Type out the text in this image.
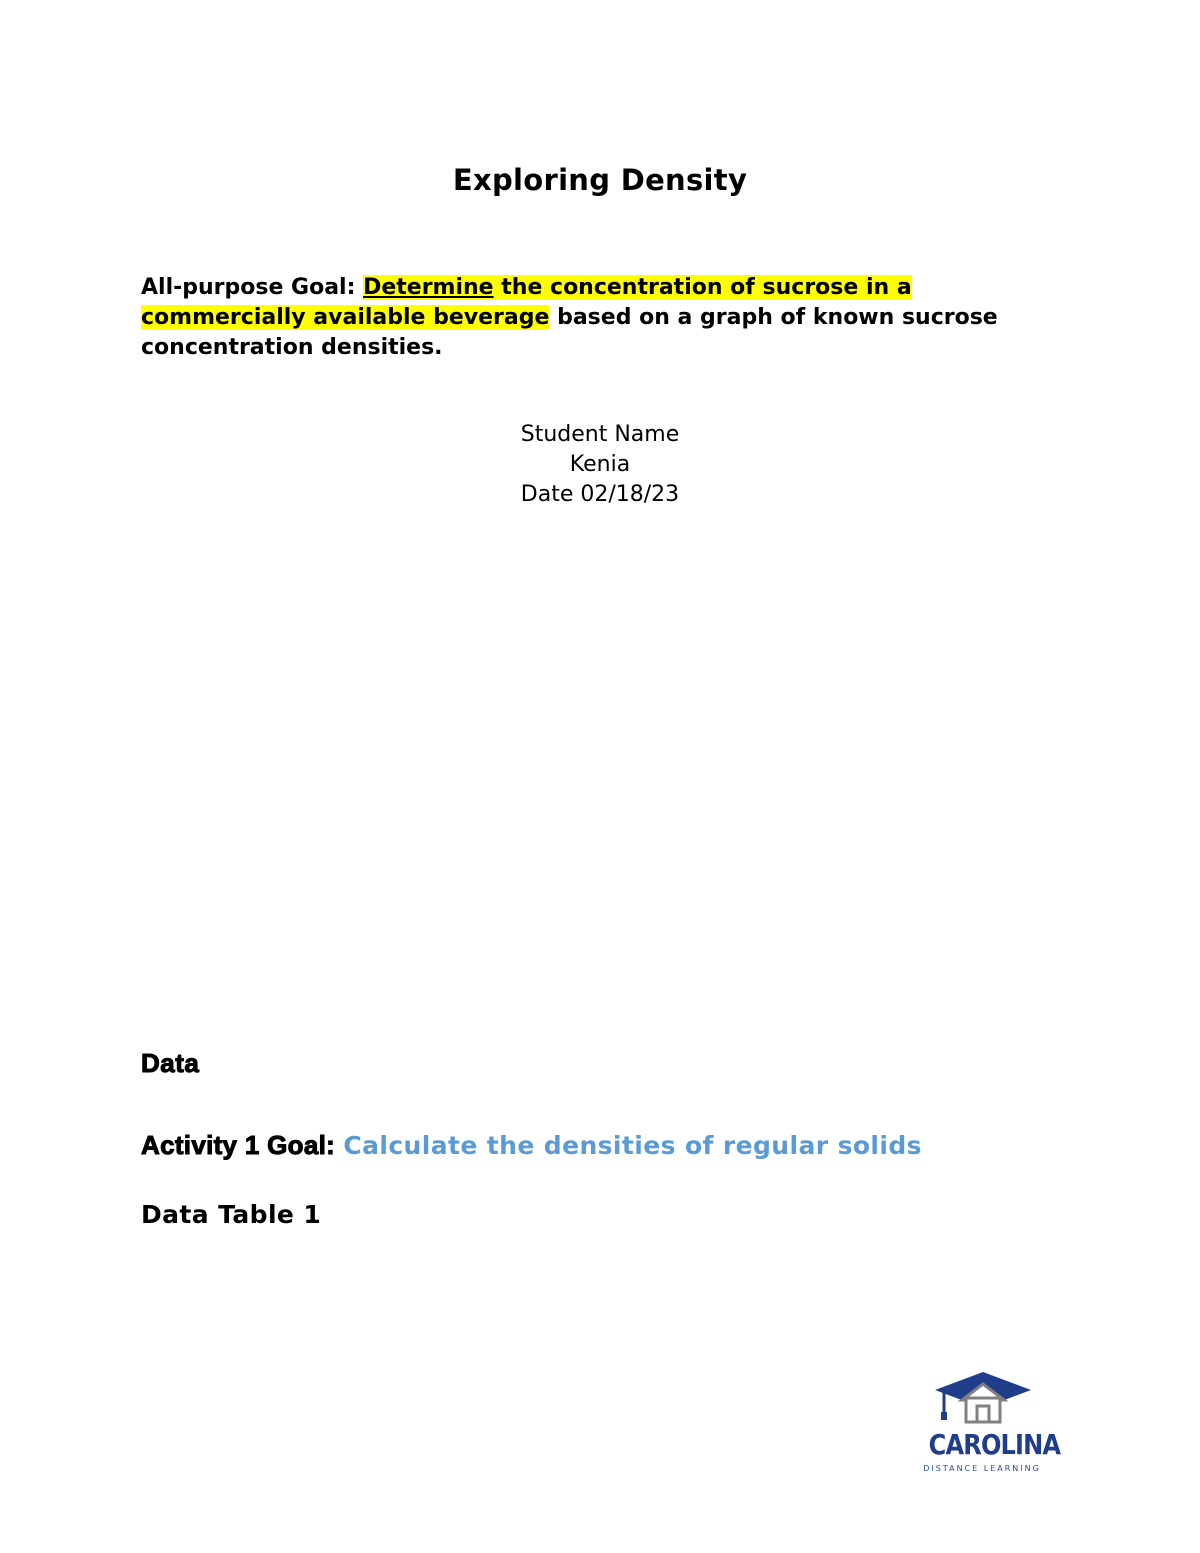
Exploring Density
All-purpose Goal: Determine the concentration of sucrose in a
commercially available beverage based on a graph of known sucrose concentration densities.
Student Name
Kenia
Date 02/18/23
Data
Activity 1 Goal: Calculate the densities of regular solids
Data Table 1
CAROLINA
DISTANCE LEARNING
